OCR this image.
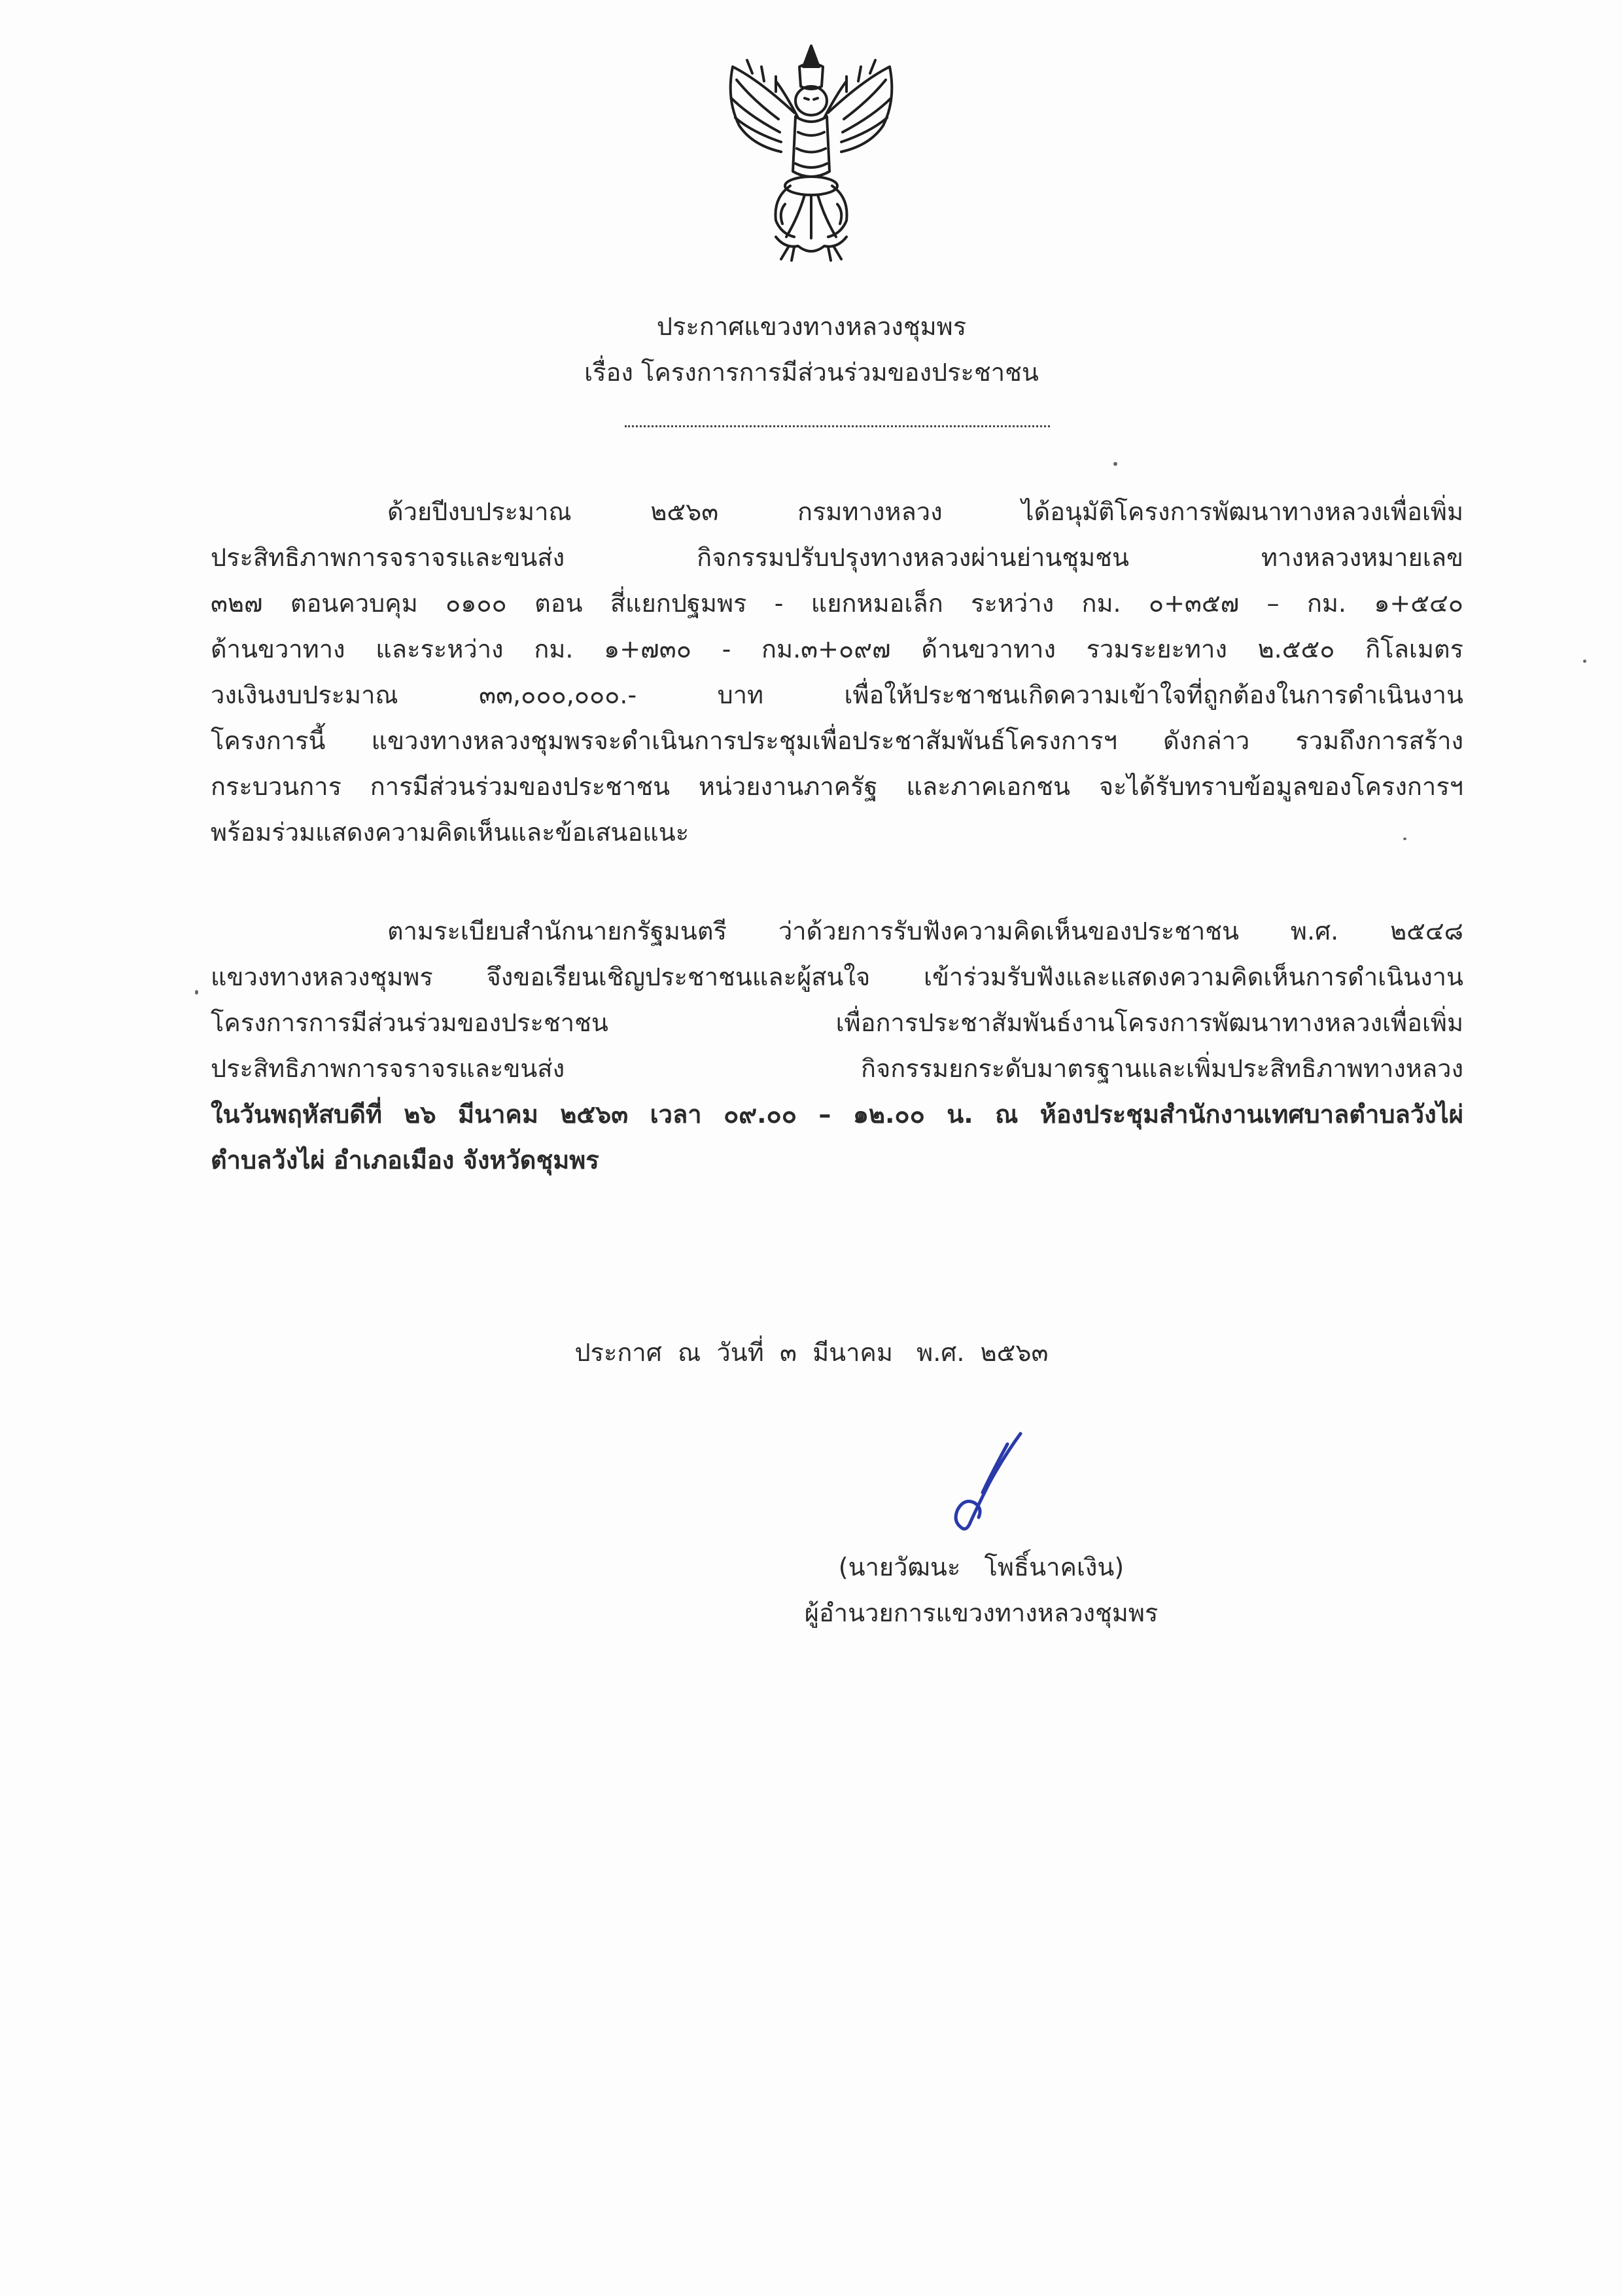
ประกาศแขวงทางหลวงชุมพร
เรื่อง โครงการการมีส่วนร่วมของประชาชน
ด้วยปีงบประมาณ ๒๕๖๓ กรมทางหลวง ได้อนุมัติโครงการพัฒนาทางหลวงเพื่อเพิ่ม
ประสิทธิภาพการจราจรและขนส่ง กิจกรรมปรับปรุงทางหลวงผ่านย่านชุมชน ทางหลวงหมายเลข
๓๒๗ ตอนควบคุม ๐๑๐๐ ตอน สี่แยกปฐมพร - แยกหมอเล็ก ระหว่าง กม. ๐+๓๕๗ – กม. ๑+๕๔๐
ด้านขวาทาง และระหว่าง กม. ๑+๗๓๐ - กม.๓+๐๙๗ ด้านขวาทาง รวมระยะทาง ๒.๕๕๐ กิโลเมตร
วงเงินงบประมาณ ๓๓,๐๐๐,๐๐๐.- บาท เพื่อให้ประชาชนเกิดความเข้าใจที่ถูกต้องในการดำเนินงาน
โครงการนี้ แขวงทางหลวงชุมพรจะดำเนินการประชุมเพื่อประชาสัมพันธ์โครงการฯ ดังกล่าว รวมถึงการสร้าง
กระบวนการ การมีส่วนร่วมของประชาชน หน่วยงานภาครัฐ และภาคเอกชน จะได้รับทราบข้อมูลของโครงการฯ
พร้อมร่วมแสดงความคิดเห็นและข้อเสนอแนะ
ตามระเบียบสำนักนายกรัฐมนตรี ว่าด้วยการรับฟังความคิดเห็นของประชาชน พ.ศ. ๒๕๔๘
แขวงทางหลวงชุมพร จึงขอเรียนเชิญประชาชนและผู้สนใจ เข้าร่วมรับฟังและแสดงความคิดเห็นการดำเนินงาน
โครงการการมีส่วนร่วมของประชาชน เพื่อการประชาสัมพันธ์งานโครงการพัฒนาทางหลวงเพื่อเพิ่ม
ประสิทธิภาพการจราจรและขนส่ง กิจกรรมยกระดับมาตรฐานและเพิ่มประสิทธิภาพทางหลวง
ในวันพฤหัสบดีที่ ๒๖ มีนาคม ๒๕๖๓ เวลา ๐๙.๐๐ – ๑๒.๐๐ น. ณ ห้องประชุมสำนักงานเทศบาลตำบลวังไผ่
ตำบลวังไผ่ อำเภอเมือง จังหวัดชุมพร
ประกาศ  ณ  วันที่  ๓  มีนาคม   พ.ศ.  ๒๕๖๓
(นายวัฒนะ   โพธิ์นาคเงิน)
ผู้อำนวยการแขวงทางหลวงชุมพร
